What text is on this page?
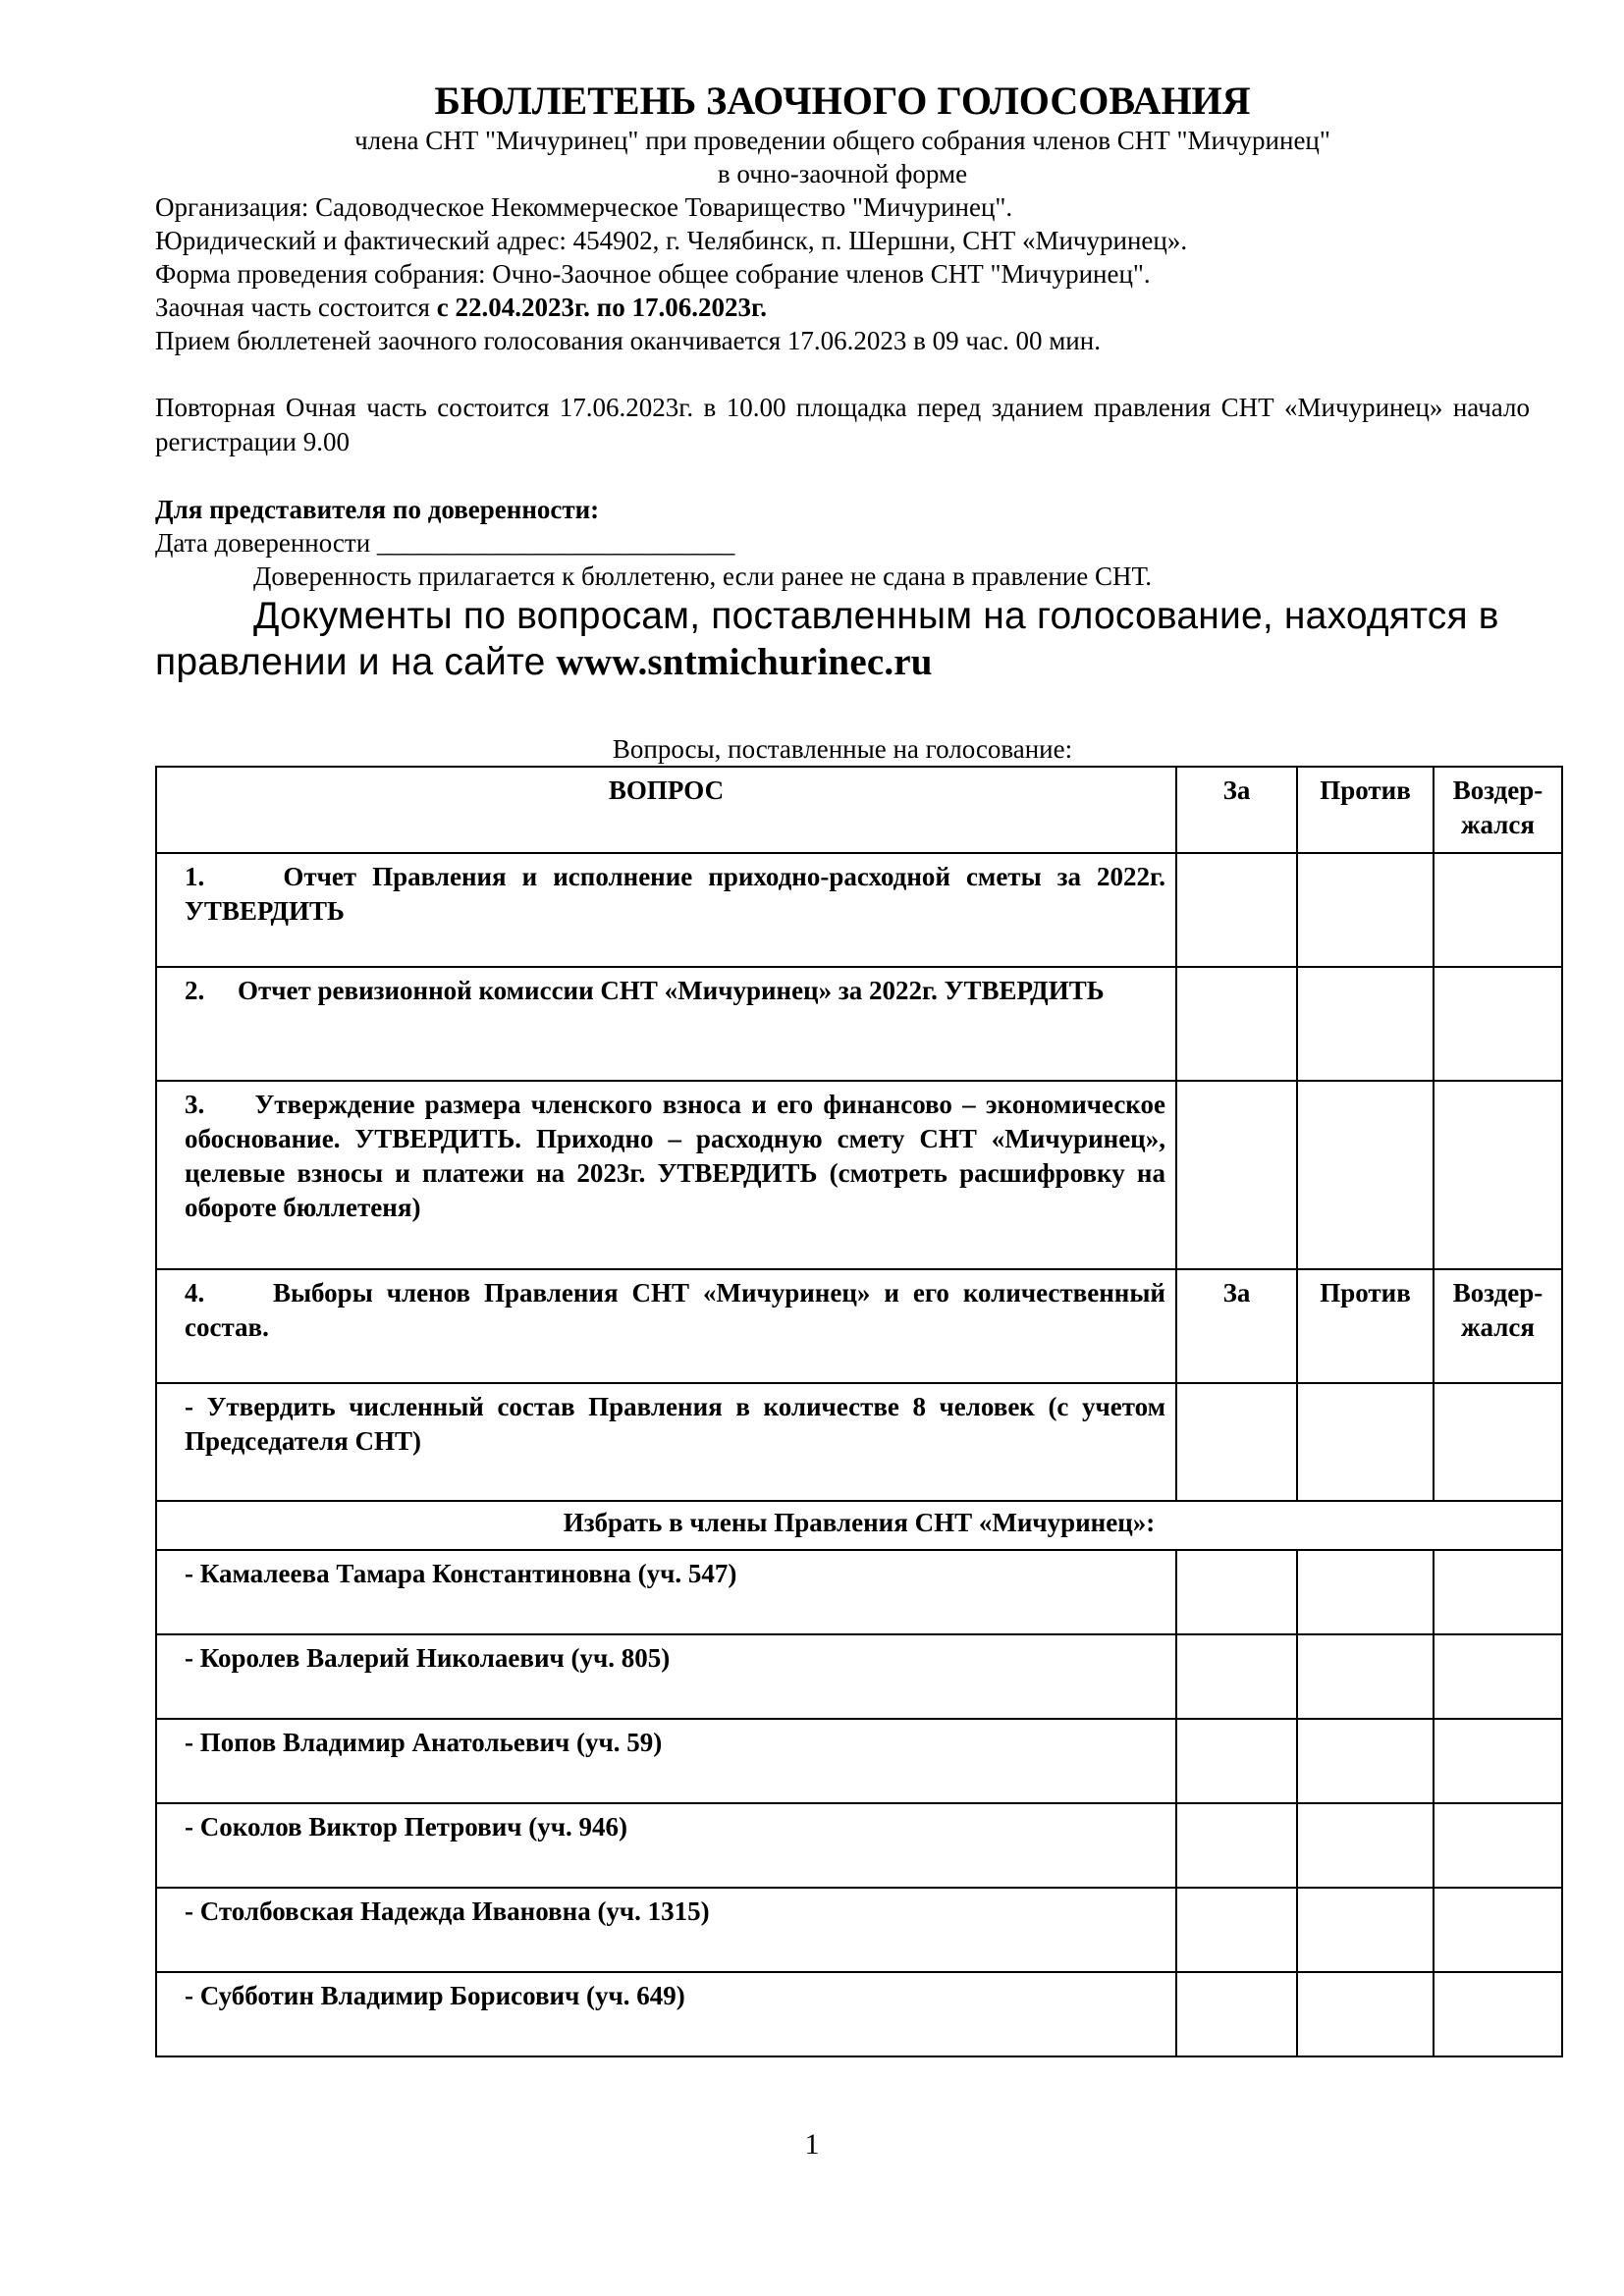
БЮЛЛЕТЕНЬ ЗАОЧНОГО ГОЛОСОВАНИЯ
члена СНТ "Мичуринец" при проведении общего собрания членов СНТ "Мичуринец"
в очно-заочной форме

Организация: Садоводческое Некоммерческое Товарищество "Мичуринец".

Юридический и фактический адрес: 454902, г. Челябинск, п. Шершни, СНТ «Мичуринец».

Форма проведения собрания: Очно-Заочное общее собрание членов СНТ "Мичуринец".

Заочная часть состоится с 22.04.2023г. по 17.06.2023г.

Прием бюллетеней заочного голосования оканчивается 17.06.2023 в 09 час. 00 мин.

Повторная Очная часть состоится 17.06.2023г. в 10.00 площадка перед зданием правления СНТ «Мичуринец» начало регистрации 9.00

Для представителя по доверенности:

Дата доверенности ___________________________

Доверенность прилагается к бюллетеню, если ранее не сдана в правление СНТ.

Документы по вопросам, поставленным на голосование, находятся в правлении и на сайте www.sntmichurinec.ru

Вопросы, поставленные на голосование:
ВОПРОС	За	Против	Воздер-жался
1.     Отчет Правления и исполнение приходно-расходной сметы за 2022г. УТВЕРДИТЬ			
2.     Отчет ревизионной комиссии СНТ «Мичуринец» за 2022г. УТВЕРДИТЬ			
3.     Утверждение размера членского взноса и его финансово – экономическое обоснование. УТВЕРДИТЬ. Приходно – расходную смету СНТ «Мичуринец», целевые взносы и платежи на 2023г. УТВЕРДИТЬ (смотреть расшифровку на обороте бюллетеня)			
4.     Выборы членов Правления СНТ «Мичуринец» и его количественный состав.	За	Против	Воздер-жался
- Утвердить численный состав Правления в количестве 8 человек (с учетом Председателя СНТ)			
Избрать в члены Правления СНТ «Мичуринец»:			
- Камалеева Тамара Константиновна (уч. 547)			
- Королев Валерий Николаевич (уч. 805)			
- Попов Владимир Анатольевич (уч. 59)			
- Соколов Виктор Петрович (уч. 946)			
- Столбовская Надежда Ивановна (уч. 1315)			
- Субботин Владимир Борисович (уч. 649)			
1
